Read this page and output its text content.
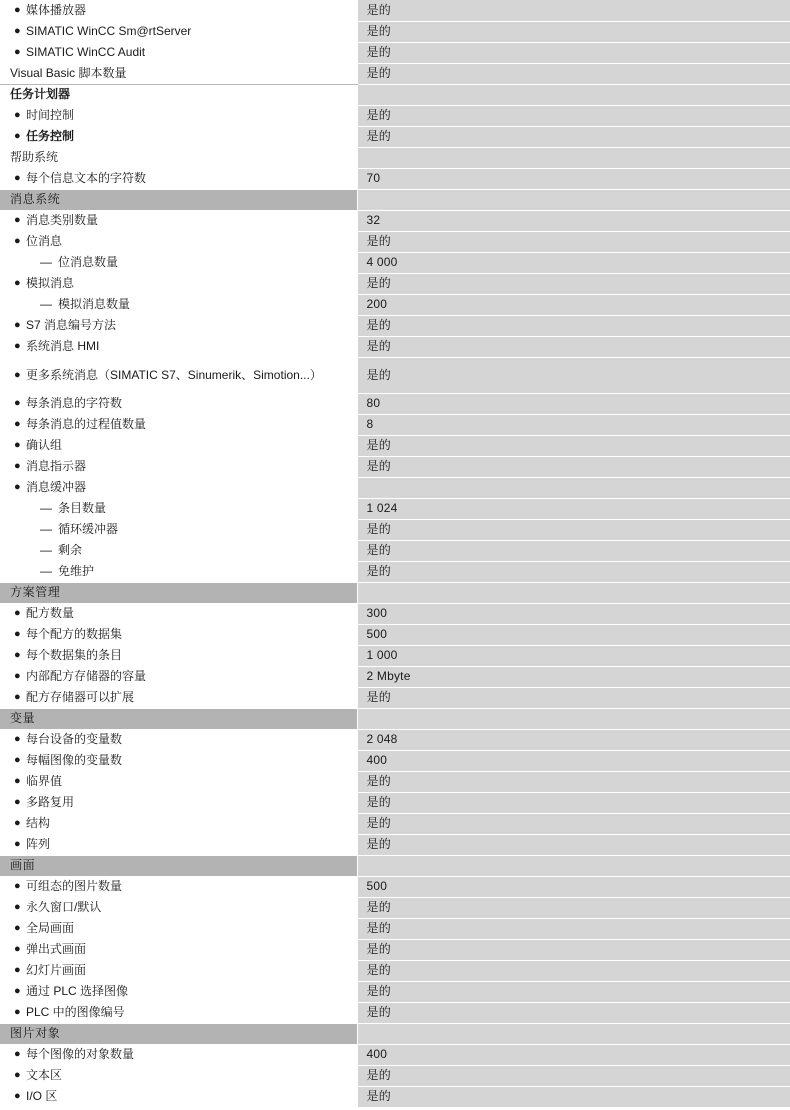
● 媒体播放器	是的

● SIMATIC WinCC Sm@rtServer	是的

● SIMATIC WinCC Audit	是的

Visual Basic 脚本数量	是的

任务计划器	

● 时间控制	是的

● 任务控制	是的

帮助系统	

● 每个信息文本的字符数	70

消息系统	

● 消息类别数量	32

● 位消息	是的

— 位消息数量	4 000

● 模拟消息	是的

— 模拟消息数量	200

● S7 消息编号方法	是的

● 系统消息 HMI	是的

● 更多系统消息（SIMATIC S7、Sinumerik、Simotion...）	是的

● 每条消息的字符数	80

● 每条消息的过程值数量	8

● 确认组	是的

● 消息指示器	是的

● 消息缓冲器	

— 条目数量	1 024

— 循环缓冲器	是的

— 剩余	是的

— 免维护	是的

方案管理	

● 配方数量	300

● 每个配方的数据集	500

● 每个数据集的条目	1 000

● 内部配方存储器的容量	2 Mbyte

● 配方存储器可以扩展	是的

变量	

● 每台设备的变量数	2 048

● 每幅图像的变量数	400

● 临界值	是的

● 多路复用	是的

● 结构	是的

● 阵列	是的

画面	

● 可组态的图片数量	500

● 永久窗口/默认	是的

● 全局画面	是的

● 弹出式画面	是的

● 幻灯片画面	是的

● 通过 PLC 选择图像	是的

● PLC 中的图像编号	是的

图片对象	

● 每个图像的对象数量	400

● 文本区	是的

● I/O 区	是的
